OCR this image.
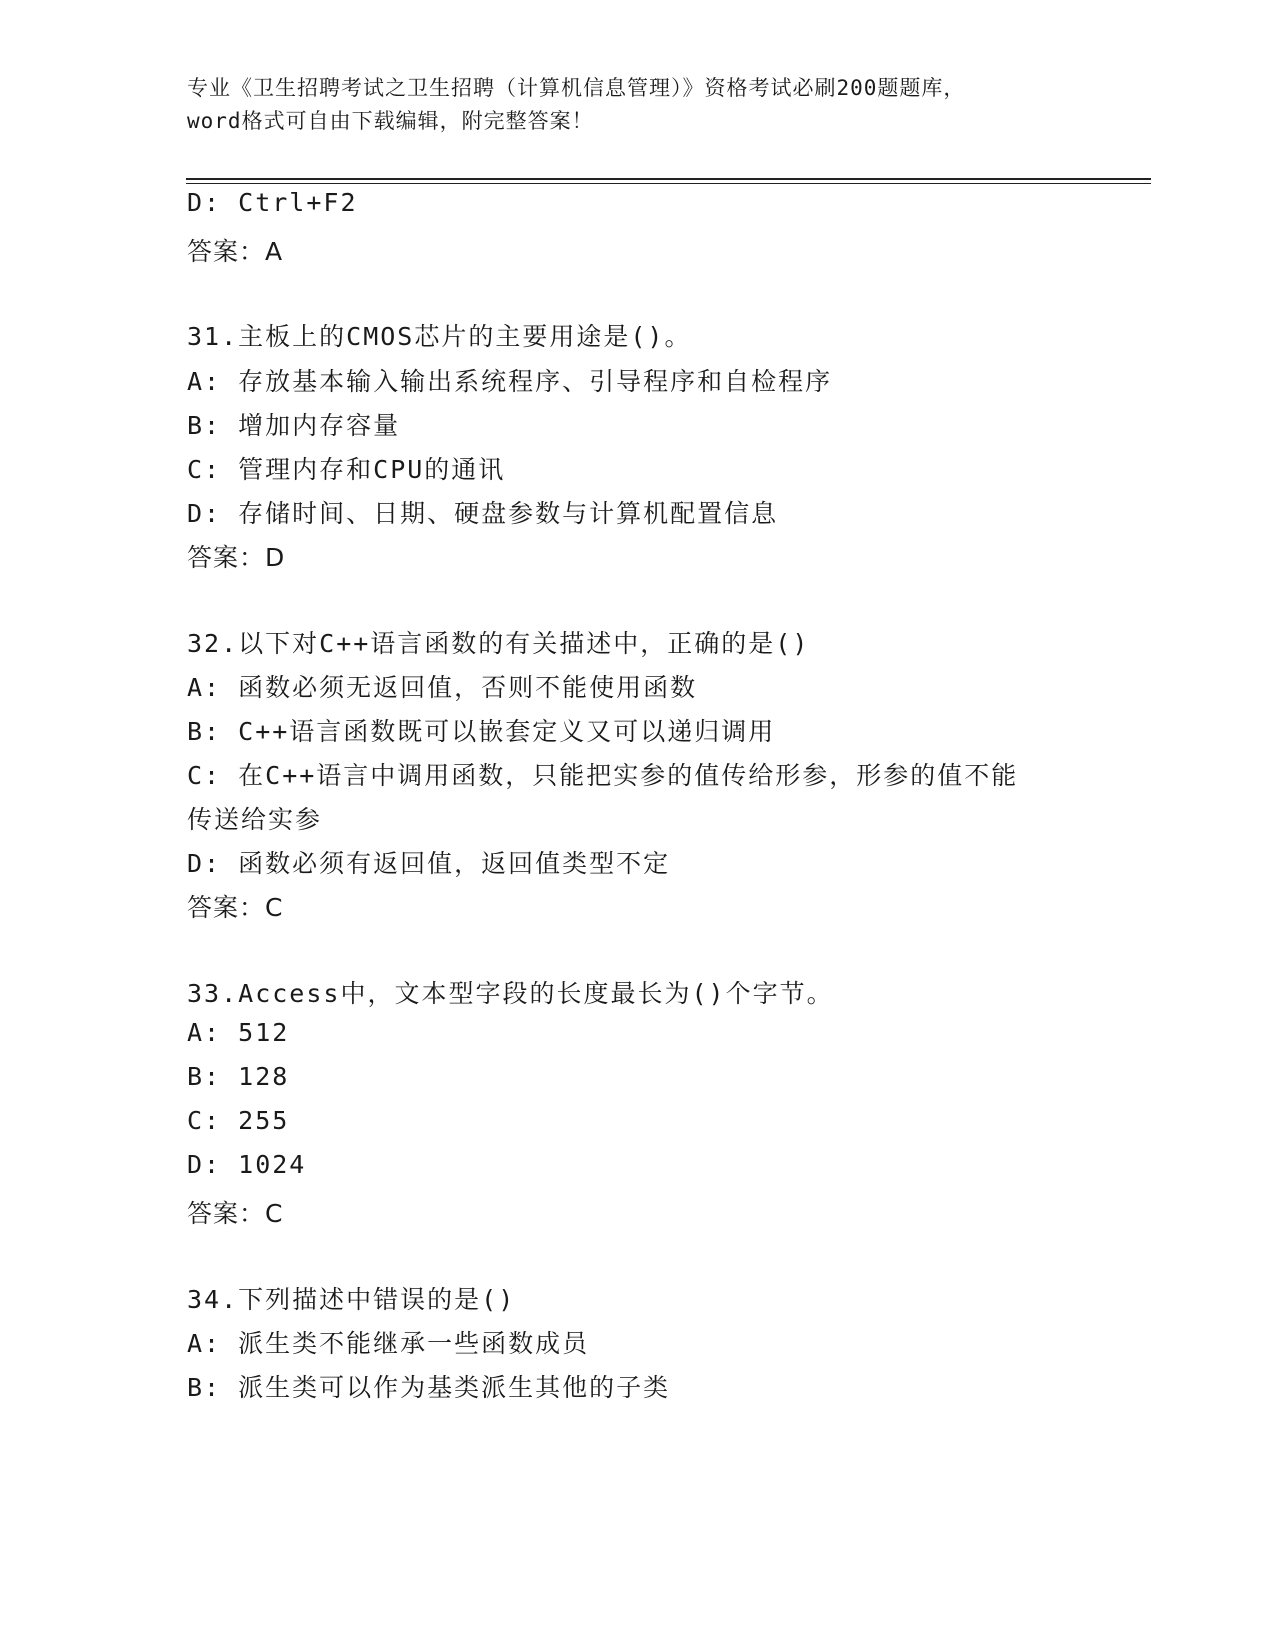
专业《卫生招聘考试之卫生招聘（计算机信息管理）》资格考试必刷200题题库，
word格式可自由下载编辑，附完整答案！
D: Ctrl+F2
答案：A
31.主板上的CMOS芯片的主要用途是()。
A: 存放基本输入输出系统程序、引导程序和自检程序
B: 增加内存容量
C: 管理内存和CPU的通讯
D: 存储时间、日期、硬盘参数与计算机配置信息
答案：D
32.以下对C++语言函数的有关描述中，正确的是()
A: 函数必须无返回值，否则不能使用函数
B: C++语言函数既可以嵌套定义又可以递归调用
C: 在C++语言中调用函数，只能把实参的值传给形参，形参的值不能
传送给实参
D: 函数必须有返回值，返回值类型不定
答案：C
33.Access中，文本型字段的长度最长为()个字节。
A: 512
B: 128
C: 255
D: 1024
答案：C
34.下列描述中错误的是()
A: 派生类不能继承一些函数成员
B: 派生类可以作为基类派生其他的子类
